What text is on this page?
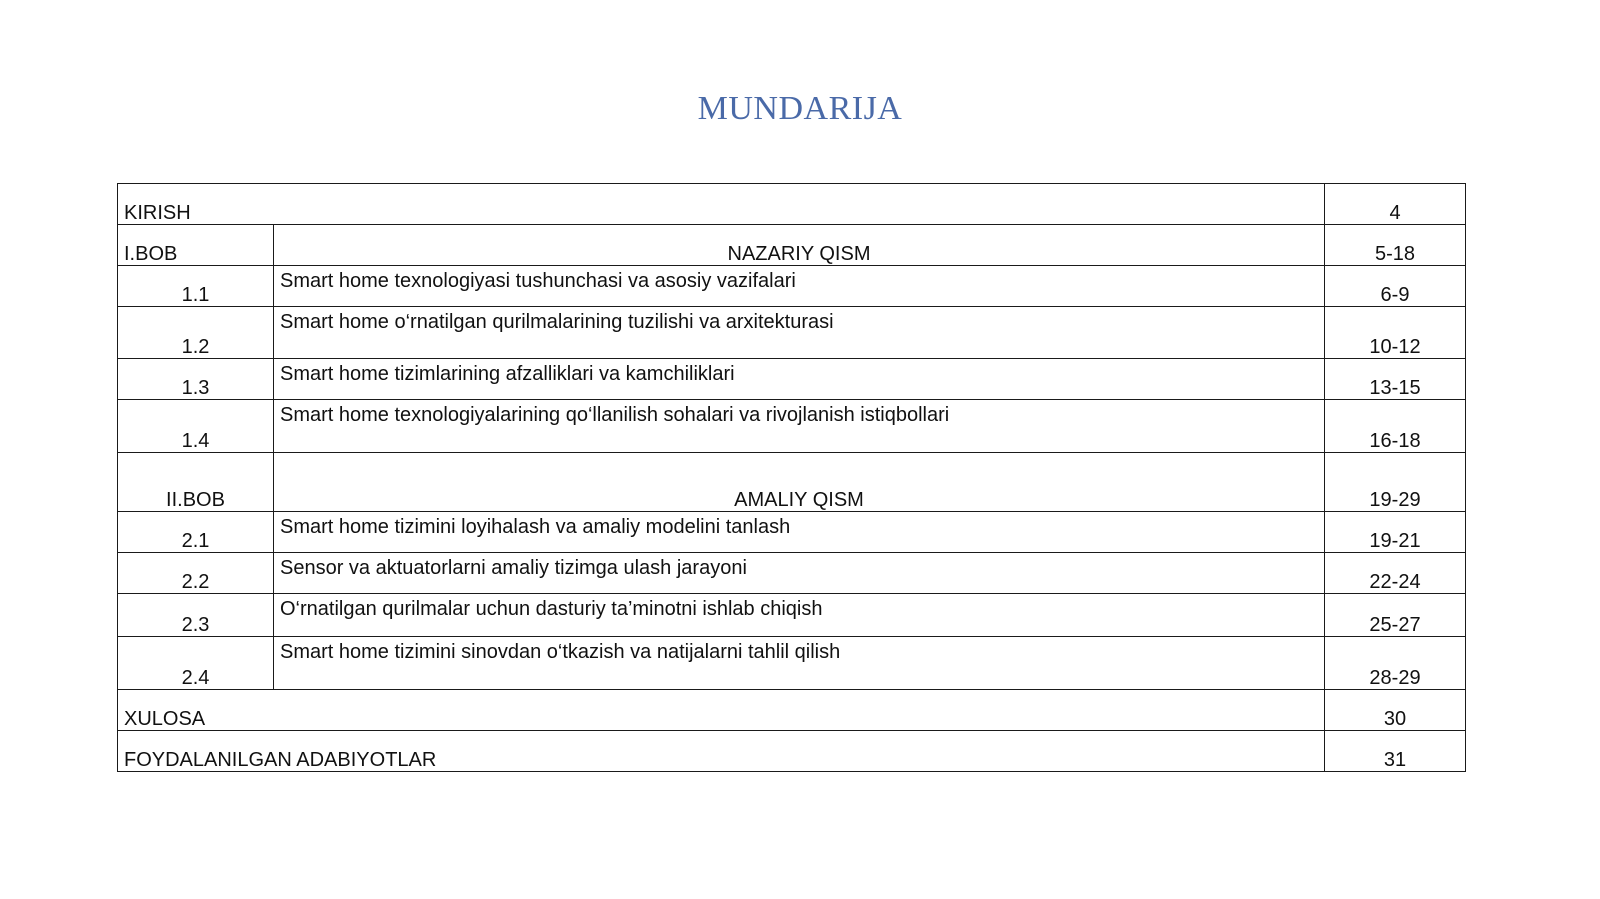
MUNDARIJA
KIRISH		4
I.BOB	NAZARIY QISM	5-18
1.1	Smart home texnologiyasi tushunchasi va asosiy vazifalari	6-9
1.2	Smart home o‘rnatilgan qurilmalarining tuzilishi va arxitekturasi	10-12
1.3	Smart home tizimlarining afzalliklari va kamchiliklari	13-15
1.4	Smart home texnologiyalarining qo‘llanilish sohalari va rivojlanish istiqbollari	16-18
II.BOB	AMALIY QISM	19-29
2.1	Smart home tizimini loyihalash va amaliy modelini tanlash	19-21
2.2	Sensor va aktuatorlarni amaliy tizimga ulash jarayoni	22-24
2.3	O‘rnatilgan qurilmalar uchun dasturiy ta’minotni ishlab chiqish	25-27
2.4	Smart home tizimini sinovdan o‘tkazish va natijalarni tahlil qilish	28-29
XULOSA		30
FOYDALANILGAN ADABIYOTLAR		31
